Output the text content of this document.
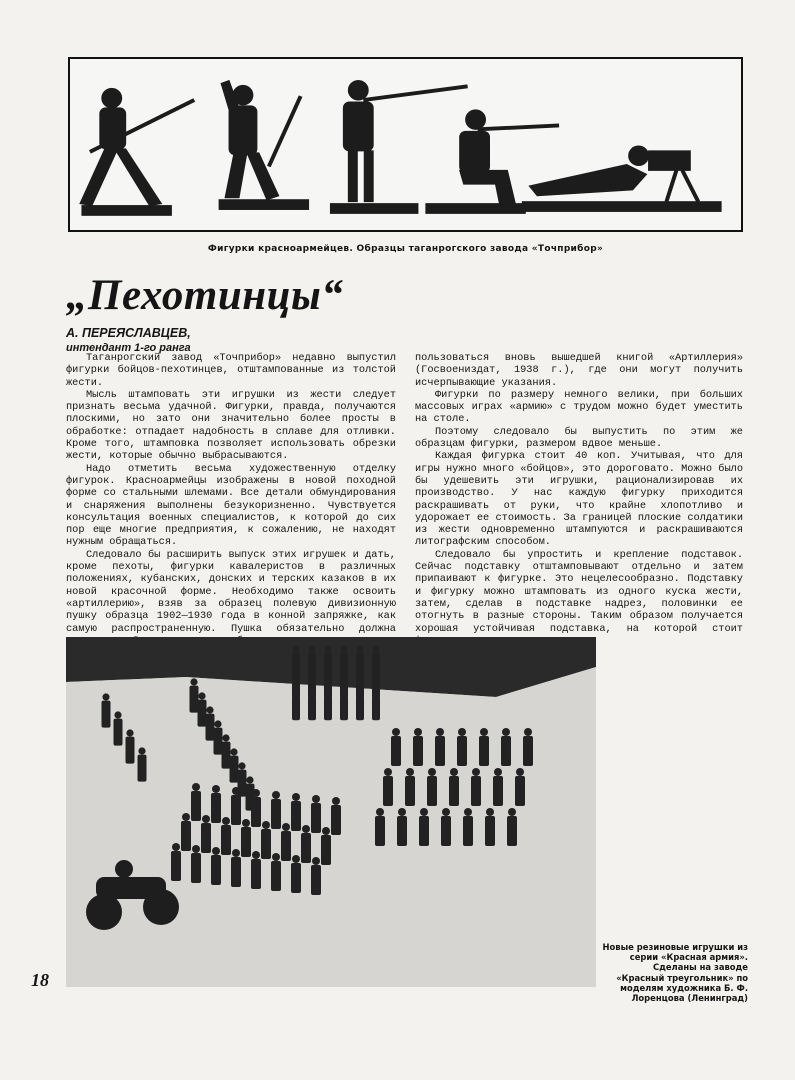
Фигурки красноармейцев. Образцы таганрогского завода «Точприбор»
„Пехотинцы“
А. ПЕРЕЯСЛАВЦЕВ,
интендант 1-го ранга

Таганрогский завод «Точприбор» недавно выпустил фигурки бойцов-пехотинцев, отштампованные из толстой жести.

Мысль штамповать эти игрушки из жести следует признать весьма удачной. Фигурки, правда, получаются плоскими, но зато они значительно более просты в обработке: отпадает надобность в сплаве для отливки. Кроме того, штамповка позволяет использовать обрезки жести, которые обычно выбрасываются.

Надо отметить весьма художественную отделку фигурок. Красноармейцы изображены в новой походной форме со стальными шлемами. Все детали обмундирования и снаряжения выполнены безукоризненно. Чувствуется консультация военных специалистов, к которой до сих пор еще многие предприятия, к сожалению, не находят нужным обращаться.

Следовало бы расширить выпуск этих игрушек и дать, кроме пехоты, фигурки кавалеристов в различных положениях, кубанских, донских и терских казаков в их новой красочной форме. Необходимо также освоить «артиллерию», взяв за образец полевую дивизионную пушку образца 1902—1930 года в конной запряжке, как самую распространенную. Пушка обязательно должна

пользоваться вновь вышедшей книгой «Артиллерия» (Госвоениздат, 1938 г.), где они могут получить исчерпывающие указания.

Фигурки по размеру немного велики, при больших массовых играх «армию» с трудом можно будет уместить на столе.

Поэтому следовало бы выпустить по этим же образцам фигурки, размером вдвое меньше.

Каждая фигурка стоит 40 коп. Учитывая, что для игры нужно много «бойцов», это дороговато. Можно было бы удешевить эти игрушки, рационализировав их производство. У нас каждую фигурку приходится раскрашивать от руки, что крайне хлопотливо и удорожает ее стоимость. За границей плоские солдатики из жести одновременно штампуются и раскрашиваются литографским способом.

Следовало бы упростить и крепление подставок. Сейчас подставку отштамповывают отдельно и затем припаивают к фигурке. Это нецелесообразно. Подставку и фигурку можно штамповать из одного куска жести, затем, сделав в подставке надрез, половинки ее отогнуть в разные стороны. Таким образом получается хорошая устойчивая подставка, на которой стоит

Новые резиновые игрушки из серии «Красная армия». Сделаны на заводе «Красный треугольник» по моделям художника Б. Ф. Лоренцова (Ленинград)
18
